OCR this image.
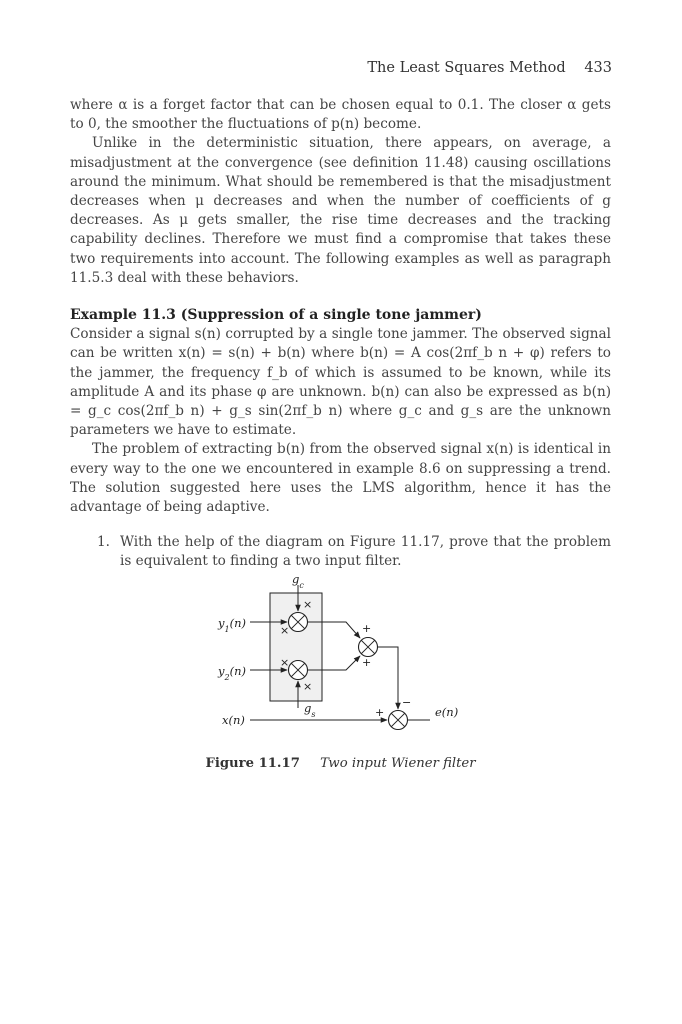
The Least Squares Method 433

where α is a forget factor that can be chosen equal to 0.1. The closer α gets to 0, the smoother the fluctuations of p(n) become.

Unlike in the deterministic situation, there appears, on average, a misadjustment at the convergence (see definition 11.48) causing oscillations around the minimum. What should be remembered is that the misadjustment decreases when μ decreases and when the number of coefficients of g decreases. As μ gets smaller, the rise time decreases and the tracking capability declines. Therefore we must find a compromise that takes these two requirements into account. The following examples as well as paragraph 11.5.3 deal with these behaviors.

Example 11.3 (Suppression of a single tone jammer)

Consider a signal s(n) corrupted by a single tone jammer. The observed signal can be written x(n) = s(n) + b(n) where b(n) = A cos(2πf_b n + φ) refers to the jammer, the frequency f_b of which is assumed to be known, while its amplitude A and its phase φ are unknown. b(n) can also be expressed as b(n) = g_c cos(2πf_b n) + g_s sin(2πf_b n) where g_c and g_s are the unknown parameters we have to estimate.

The problem of extracting b(n) from the observed signal x(n) is identical in every way to the one we encountered in example 8.6 on suppressing a trend. The solution suggested here uses the LMS algorithm, hence it has the advantage of being adaptive.

1. With the help of the diagram on Figure 11.17, prove that the problem is equivalent to finding a two input filter.
$g_c$
$g_s$
$y_1(n)$
$y_2(n)$
x(n)
e(n)
×
×
×
×
+
+
−
+
Figure 11.17 Two input Wiener filter
